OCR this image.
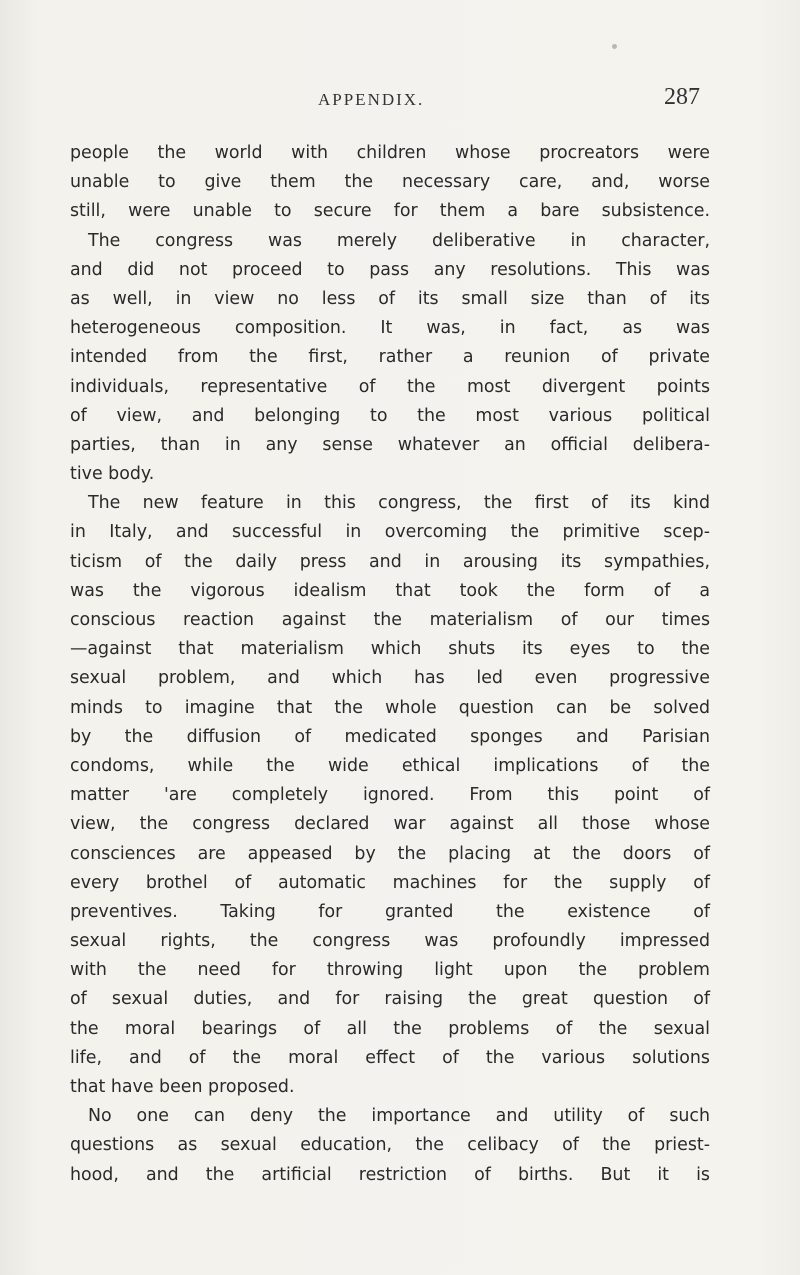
APPENDIX.	287
people the world with children whose procreators were
unable to give them the necessary care, and, worse
still, were unable to secure for them a bare subsistence.
The congress was merely deliberative in character,
and did not proceed to pass any resolutions. This was
as well, in view no less of its small size than of its
heterogeneous composition. It was, in fact, as was
intended from the first, rather a reunion of private
individuals, representative of the most divergent points
of view, and belonging to the most various political
parties, than in any sense whatever an official delibera-
tive body.
The new feature in this congress, the first of its kind
in Italy, and successful in overcoming the primitive scep-
ticism of the daily press and in arousing its sympathies,
was the vigorous idealism that took the form of a
conscious reaction against the materialism of our times
—against that materialism which shuts its eyes to the
sexual problem, and which has led even progressive
minds to imagine that the whole question can be solved
by the diffusion of medicated sponges and Parisian
condoms, while the wide ethical implications of the
matter 'are completely ignored. From this point of
view, the congress declared war against all those whose
consciences are appeased by the placing at the doors of
every brothel of automatic machines for the supply of
preventives. Taking for granted the existence of
sexual rights, the congress was profoundly impressed
with the need for throwing light upon the problem
of sexual duties, and for raising the great question of
the moral bearings of all the problems of the sexual
life, and of the moral effect of the various solutions
that have been proposed.
No one can deny the importance and utility of such
questions as sexual education, the celibacy of the priest-
hood, and the artificial restriction of births. But it is
